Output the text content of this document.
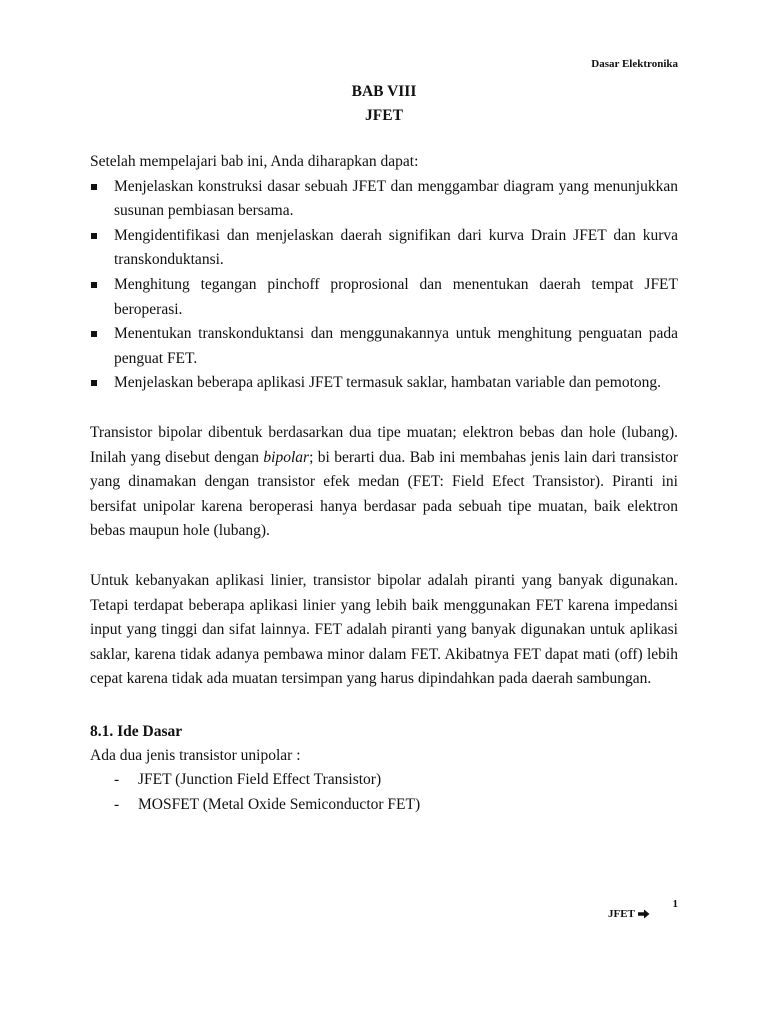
Dasar Elektronika
BAB VIII
JFET

Setelah mempelajari bab ini, Anda diharapkan dapat:

Menjelaskan konstruksi dasar sebuah JFET dan menggambar diagram yang menunjukkan susunan pembiasan bersama.
Mengidentifikasi dan menjelaskan daerah signifikan dari kurva Drain JFET dan kurva transkonduktansi.
Menghitung tegangan pinchoff proprosional dan menentukan daerah tempat JFET beroperasi.
Menentukan transkonduktansi dan menggunakannya untuk menghitung penguatan pada penguat FET.
Menjelaskan beberapa aplikasi JFET termasuk saklar, hambatan variable dan pemotong.

Transistor bipolar dibentuk berdasarkan dua tipe muatan; elektron bebas dan hole (lubang). Inilah yang disebut dengan bipolar; bi berarti dua. Bab ini membahas jenis lain dari transistor yang dinamakan dengan transistor efek medan (FET: Field Efect Transistor). Piranti ini bersifat unipolar karena beroperasi hanya berdasar pada sebuah tipe muatan, baik elektron bebas maupun hole (lubang).

Untuk kebanyakan aplikasi linier, transistor bipolar adalah piranti yang banyak digunakan. Tetapi terdapat beberapa aplikasi linier yang lebih baik menggunakan FET karena impedansi input yang tinggi dan sifat lainnya. FET adalah piranti yang banyak digunakan untuk aplikasi saklar, karena tidak adanya pembawa minor dalam FET. Akibatnya FET dapat mati (off) lebih cepat karena tidak ada muatan tersimpan yang harus dipindahkan pada daerah sambungan.

8.1. Ide Dasar

Ada dua jenis transistor unipolar :

- JFET (Junction Field Effect Transistor)
- MOSFET (Metal Oxide Semiconductor FET)
1
JFET
